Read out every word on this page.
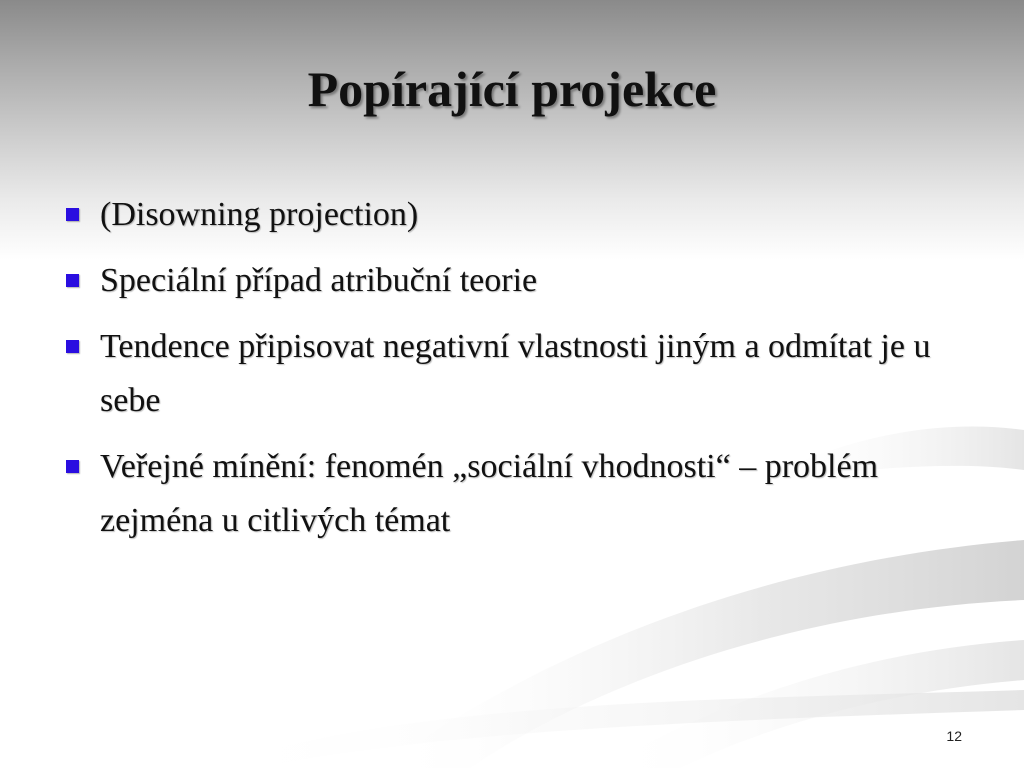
Popírající projekce
(Disowning projection)
Speciální případ atribuční teorie
Tendence připisovat negativní vlastnosti jiným a odmítat je u sebe
Veřejné mínění: fenomén „sociální vhodnosti“ – problém zejména u citlivých témat
12
